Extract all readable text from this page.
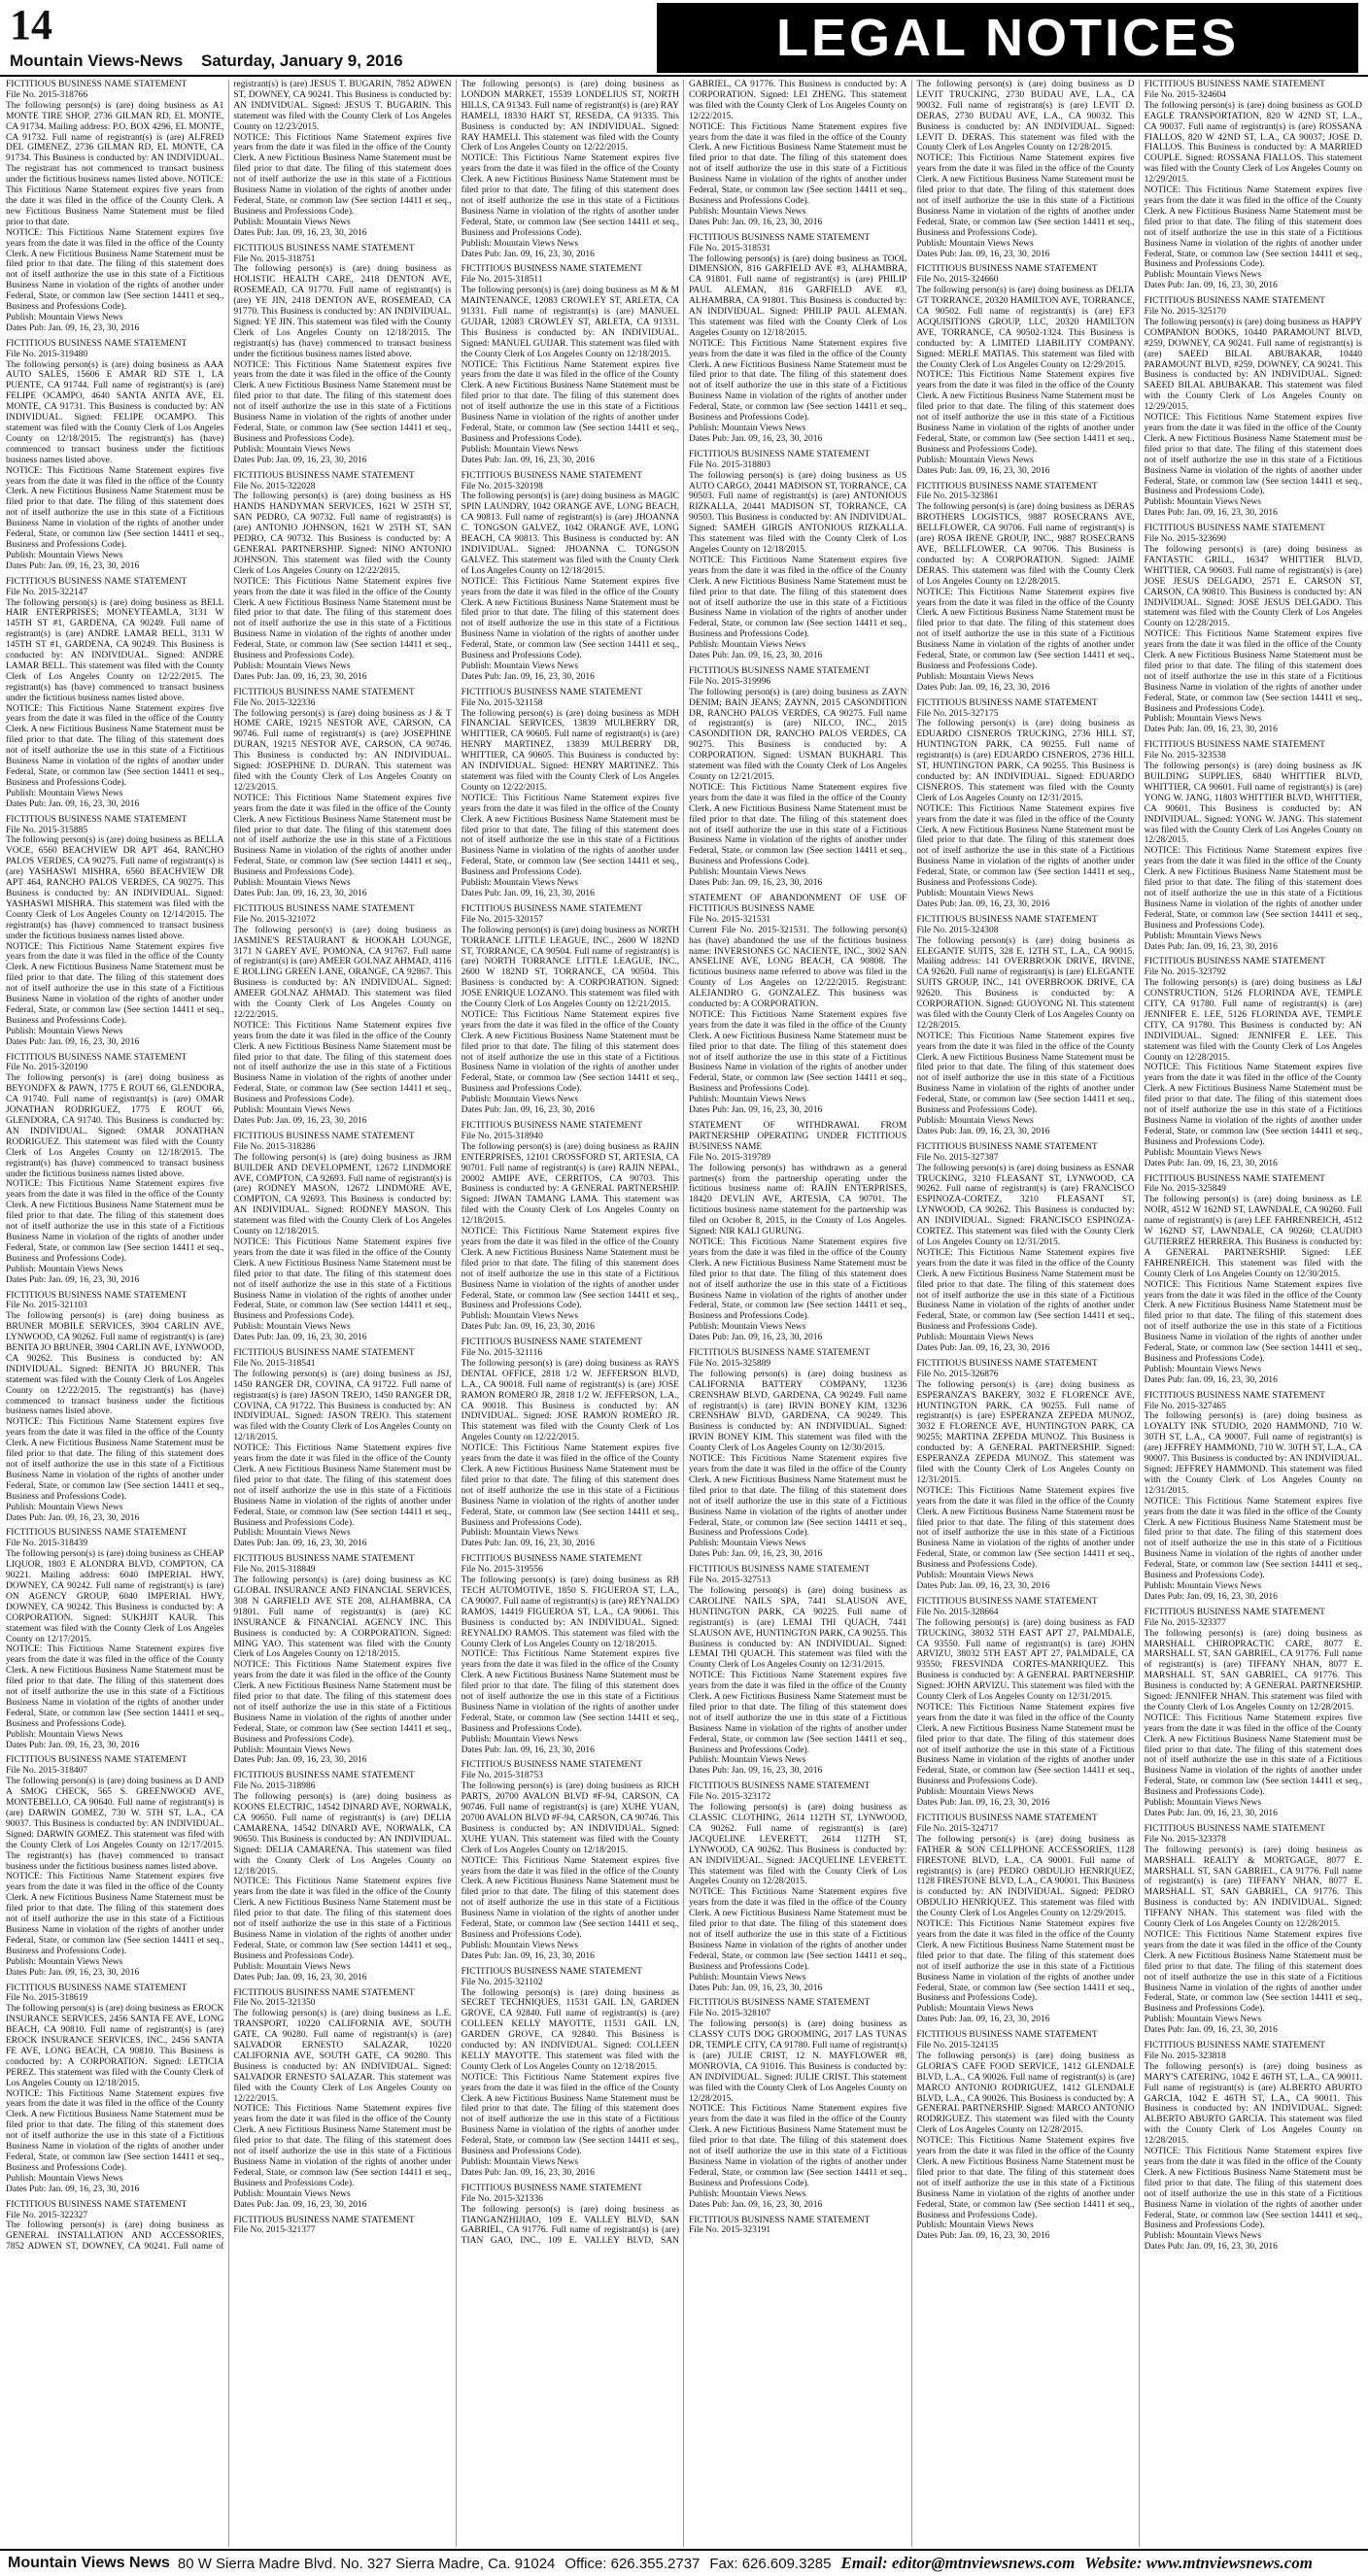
14
Mountain Views-News Saturday, January 9, 2016	LEGAL NOTICES
FICTITIOUS BUSINESS NAME STATEMENT
File No. 2015-318766
The following person(s) is (are) doing business as A1 MONTE TIRE SHOP, 2736 GILMAN RD, EL MONTE, CA 91734. Mailing address: P.O. BOX 4296, EL MONTE, CA 91732. Full name of registrant(s) is (are) ALFRED DEL GIMENEZ, 2736 GILMAN RD, EL MONTE, CA 91734. This Business is conducted by: AN INDIVIDUAL. The registrant has not commenced to transact business under the fictitious business names listed above. NOTICE: This Fictitious Name Statement expires five years from the date it was filed in the office of the County Clerk. A new Fictitious Business Name Statement must be filed prior to that date.
NOTICE: This Fictitious Name Statement expires five years from the date it was filed in the office of the County Clerk. A new Fictitious Business Name Statement must be filed prior to that date. The filing of this statement does not of itself authorize the use in this state of a Fictitious Business Name in violation of the rights of another under Federal, State, or common law (See section 14411 et seq., Business and Professions Code).
Publish: Mountain Views News
Dates Pub: Jan. 09, 16, 23, 30, 2016
FICTITIOUS BUSINESS NAME STATEMENT
File No. 2015-319480
The following person(s) is (are) doing business as AAA AUTO SALES, 15606 E AMAR RD STE 1, LA PUENTE, CA 91744. Full name of registrant(s) is (are) FELIPE OCAMPO, 4640 SANTA ANITA AVE, EL MONTE, CA 91731. This Business is conducted by: AN INDIVIDUAL. Signed: FELIPE OCAMPO. This statement was filed with the County Clerk of Los Angeles County on 12/18/2015. The registrant(s) has (have) commenced to transact business under the fictitious business names listed above.
NOTICE: This Fictitious Name Statement expires five years from the date it was filed in the office of the County Clerk. A new Fictitious Business Name Statement must be filed prior to that date. The filing of this statement does not of itself authorize the use in this state of a Fictitious Business Name in violation of the rights of another under Federal, State, or common law (See section 14411 et seq., Business and Professions Code).
Publish: Mountain Views News
Dates Pub: Jan. 09, 16, 23, 30, 2016
FICTITIOUS BUSINESS NAME STATEMENT
File No. 2015-322147
The following person(s) is (are) doing business as BELL HAIR ENTERPRISES; MONEYTEAMLA, 3131 W 145TH ST #1, GARDENA, CA 90249. Full name of registrant(s) is (are) ANDRE LAMAR BELL, 3131 W 145TH ST #1, GARDENA, CA 90249. This Business is conducted by: AN INDIVIDUAL. Signed: ANDRE LAMAR BELL. This statement was filed with the County Clerk of Los Angeles County on 12/22/2015. The registrant(s) has (have) commenced to transact business under the fictitious business names listed above.
NOTICE: This Fictitious Name Statement expires five years from the date it was filed in the office of the County Clerk. A new Fictitious Business Name Statement must be filed prior to that date. The filing of this statement does not of itself authorize the use in this state of a Fictitious Business Name in violation of the rights of another under Federal, State, or common law (See section 14411 et seq., Business and Professions Code).
Publish: Mountain Views News
Dates Pub: Jan. 09, 16, 23, 30, 2016
FICTITIOUS BUSINESS NAME STATEMENT
File No. 2015-315885
The following person(s) is (are) doing business as BELLA VOCE, 6560 BEACHVIEW DR APT 464, RANCHO PALOS VERDES, CA 90275. Full name of registrant(s) is (are) YASHASWI MISHRA, 6560 BEACHVIEW DR APT 464, RANCHO PALOS VERDES, CA 90275. This Business is conducted by: AN INDIVIDUAL. Signed: YASHASWI MISHRA. This statement was filed with the County Clerk of Los Angeles County on 12/14/2015. The registrant(s) has (have) commenced to transact business under the fictitious business names listed above.
NOTICE: This Fictitious Name Statement expires five years from the date it was filed in the office of the County Clerk. A new Fictitious Business Name Statement must be filed prior to that date. The filing of this statement does not of itself authorize the use in this state of a Fictitious Business Name in violation of the rights of another under Federal, State, or common law (See section 14411 et seq., Business and Professions Code).
Publish: Mountain Views News
Dates Pub: Jan. 09, 16, 23, 30, 2016
FICTITIOUS BUSINESS NAME STATEMENT
File No. 2015-320190
The following person(s) is (are) doing business as BEYONDFX & PAWN, 1775 E ROUT 66, GLENDORA, CA 91740. Full name of registrant(s) is (are) OMAR JONATHAN RODRIGUEZ, 1775 E ROUT 66, GLENDORA, CA 91740. This Business is conducted by: AN INDIVIDUAL. Signed: OMAR JONATHAN RODRIGUEZ. This statement was filed with the County Clerk of Los Angeles County on 12/18/2015. The registrant(s) has (have) commenced to transact business under the fictitious business names listed above.
NOTICE: This Fictitious Name Statement expires five years from the date it was filed in the office of the County Clerk. A new Fictitious Business Name Statement must be filed prior to that date. The filing of this statement does not of itself authorize the use in this state of a Fictitious Business Name in violation of the rights of another under Federal, State, or common law (See section 14411 et seq., Business and Professions Code).
Publish: Mountain Views News
Dates Pub: Jan. 09, 16, 23, 30, 2016
FICTITIOUS BUSINESS NAME STATEMENT
File No. 2015-321103
The following person(s) is (are) doing business as BRUNER MOBILE SERVICES, 3904 CARLIN AVE, LYNWOOD, CA 90262. Full name of registrant(s) is (are) BENITA JO BRUNER, 3904 CARLIN AVE, LYNWOOD, CA 90262. This Business is conducted by: AN INDIVIDUAL. Signed: BENITA JO BRUNER. This statement was filed with the County Clerk of Los Angeles County on 12/22/2015. The registrant(s) has (have) commenced to transact business under the fictitious business names listed above.
NOTICE: This Fictitious Name Statement expires five years from the date it was filed in the office of the County Clerk. A new Fictitious Business Name Statement must be filed prior to that date. The filing of this statement does not of itself authorize the use in this state of a Fictitious Business Name in violation of the rights of another under Federal, State, or common law (See section 14411 et seq., Business and Professions Code).
Publish: Mountain Views News
Dates Pub: Jan. 09, 16, 23, 30, 2016
FICTITIOUS BUSINESS NAME STATEMENT
File No. 2015-318439
The following person(s) is (are) doing business as CHEAP LIQUOR, 1803 E ALONDRA BLVD, COMPTON, CA 90221. Mailing address: 6040 IMPERIAL HWY, DOWNEY, CA 90242. Full name of registrant(s) is (are) ON AGENCY GROUP, 6040 IMPERIAL HWY, DOWNEY, CA 90242. This Business is conducted by: A CORPORATION. Signed: SUKHJIT KAUR. This statement was filed with the County Clerk of Los Angeles County on 12/17/2015.
NOTICE: This Fictitious Name Statement expires five years from the date it was filed in the office of the County Clerk. A new Fictitious Business Name Statement must be filed prior to that date. The filing of this statement does not of itself authorize the use in this state of a Fictitious Business Name in violation of the rights of another under Federal, State, or common law (See section 14411 et seq., Business and Professions Code).
Publish: Mountain Views News
Dates Pub: Jan. 09, 16, 23, 30, 2016
FICTITIOUS BUSINESS NAME STATEMENT
File No. 2015-318407
The following person(s) is (are) doing business as D AND A SMOG CHECK, 565 S. GREENWOOD AVE, MONTEBELLO, CA 90640. Full name of registrant(s) is (are) DARWIN GOMEZ, 730 W. 5TH ST, L.A., CA 90037. This Business is conducted by: AN INDIVIDUAL. Signed: DARWIN GOMEZ. This statement was filed with the County Clerk of Los Angeles County on 12/17/2015. The registrant(s) has (have) commenced to transact business under the fictitious business names listed above.
NOTICE: This Fictitious Name Statement expires five years from the date it was filed in the office of the County Clerk. A new Fictitious Business Name Statement must be filed prior to that date. The filing of this statement does not of itself authorize the use in this state of a Fictitious Business Name in violation of the rights of another under Federal, State, or common law (See section 14411 et seq., Business and Professions Code).
Publish: Mountain Views News
Dates Pub: Jan. 09, 16, 23, 30, 2016
FICTITIOUS BUSINESS NAME STATEMENT
File No. 2015-318619
The following person(s) is (are) doing business as EROCK INSURANCE SERVICES, 2456 SANTA FE AVE, LONG BEACH, CA 90810. Full name of registrant(s) is (are) EROCK INSURANCE SERVICES, INC., 2456 SANTA FE AVE, LONG BEACH, CA 90810. This Business is conducted by: A CORPORATION. Signed: LETICIA PEREZ. This statement was filed with the County Clerk of Los Angeles County on 12/18/2015.
NOTICE: This Fictitious Name Statement expires five years from the date it was filed in the office of the County Clerk. A new Fictitious Business Name Statement must be filed prior to that date. The filing of this statement does not of itself authorize the use in this state of a Fictitious Business Name in violation of the rights of another under Federal, State, or common law (See section 14411 et seq., Business and Professions Code).
Publish: Mountain Views News
Dates Pub: Jan. 09, 16, 23, 30, 2016
FICTITIOUS BUSINESS NAME STATEMENT
File No. 2015-322327
The following person(s) is (are) doing business as GENERAL INSTALLATION AND ACCESSORIES, 7852 ADWEN ST, DOWNEY, CA 90241. Full name of registrant(s) is (are) JESUS T. BUGARIN, 7852 ADWEN ST, DOWNEY, CA 90241. This Business is conducted by: AN INDIVIDUAL. Signed: JESUS T. BUGARIN. This statement was filed with the County Clerk of Los Angeles County on 12/23/2015.
NOTICE: This Fictitious Name Statement expires five years from the date it was filed in the office of the County Clerk. A new Fictitious Business Name Statement must be filed prior to that date. The filing of this statement does not of itself authorize the use in this state of a Fictitious Business Name in violation of the rights of another under Federal, State, or common law (See section 14411 et seq., Business and Professions Code).
Publish: Mountain Views News
Dates Pub: Jan. 09, 16, 23, 30, 2016
FICTITIOUS BUSINESS NAME STATEMENT
File No. 2015-318751
The following person(s) is (are) doing business as HOLISTIC HEALTH CARE, 2418 DENTON AVE, ROSEMEAD, CA 91770. Full name of registrant(s) is (are) YE JIN, 2418 DENTON AVE, ROSEMEAD, CA 91770. This Business is conducted by: AN INDIVIDUAL. Signed: YE JIN. This statement was filed with the County Clerk of Los Angeles County on 12/18/2015. The registrant(s) has (have) commenced to transact business under the fictitious business names listed above.
NOTICE: This Fictitious Name Statement expires five years from the date it was filed in the office of the County Clerk. A new Fictitious Business Name Statement must be filed prior to that date. The filing of this statement does not of itself authorize the use in this state of a Fictitious Business Name in violation of the rights of another under Federal, State, or common law (See section 14411 et seq., Business and Professions Code).
Publish: Mountain Views News
Dates Pub: Jan. 09, 16, 23, 30, 2016
FICTITIOUS BUSINESS NAME STATEMENT
File No. 2015-322028
The following person(s) is (are) doing business as HS HANDS HANDYMAN SERVICES, 1621 W 25TH ST, SAN PEDRO, CA 90732. Full name of registrant(s) is (are) ANTONIO JOHNSON, 1621 W 25TH ST, SAN PEDRO, CA 90732. This Business is conducted by: A GENERAL PARTNERSHIP. Signed: NINO ANTONIO JOHNSON. This statement was filed with the County Clerk of Los Angeles County on 12/22/2015.
NOTICE: This Fictitious Name Statement expires five years from the date it was filed in the office of the County Clerk. A new Fictitious Business Name Statement must be filed prior to that date. The filing of this statement does not of itself authorize the use in this state of a Fictitious Business Name in violation of the rights of another under Federal, State, or common law (See section 14411 et seq., Business and Professions Code).
Publish: Mountain Views News
Dates Pub: Jan. 09, 16, 23, 30, 2016
FICTITIOUS BUSINESS NAME STATEMENT
File No. 2015-322336
The following person(s) is (are) doing business as J & T HOME CARE, 19215 NESTOR AVE, CARSON, CA 90746. Full name of registrant(s) is (are) JOSEPHINE DURAN, 19215 NESTOR AVE, CARSON, CA 90746. This Business is conducted by: AN INDIVIDUAL. Signed: JOSEPHINE D. DURAN. This statement was filed with the County Clerk of Los Angeles County on 12/23/2015.
NOTICE: This Fictitious Name Statement expires five years from the date it was filed in the office of the County Clerk. A new Fictitious Business Name Statement must be filed prior to that date. The filing of this statement does not of itself authorize the use in this state of a Fictitious Business Name in violation of the rights of another under Federal, State, or common law (See section 14411 et seq., Business and Professions Code).
Publish: Mountain Views News
Dates Pub: Jan. 09, 16, 23, 30, 2016
FICTITIOUS BUSINESS NAME STATEMENT
File No. 2015-321072
The following person(s) is (are) doing business as JASMINE'S RESTAURANT & HOOKAH LOUNGE, 3171 N GAREY AVE, POMONA, CA 91767. Full name of registrant(s) is (are) AMEER GOLNAZ AHMAD, 4116 E ROLLING GREEN LANE, ORANGE, CA 92867. This Business is conducted by: AN INDIVIDUAL. Signed: AMEER GOLNAZ AHMAD. This statement was filed with the County Clerk of Los Angeles County on 12/22/2015.
NOTICE: This Fictitious Name Statement expires five years from the date it was filed in the office of the County Clerk. A new Fictitious Business Name Statement must be filed prior to that date. The filing of this statement does not of itself authorize the use in this state of a Fictitious Business Name in violation of the rights of another under Federal, State, or common law (See section 14411 et seq., Business and Professions Code).
Publish: Mountain Views News
Dates Pub: Jan. 09, 16, 23, 30, 2016
FICTITIOUS BUSINESS NAME STATEMENT
File No. 2015-318286
The following person(s) is (are) doing business as JRM BUILDER AND DEVELOPMENT, 12672 LINDMORE AVE, COMPTON, CA 92693. Full name of registrant(s) is (are) RODNEY MASON, 12672 LINDMORE AVE, COMPTON, CA 92693. This Business is conducted by: AN INDIVIDUAL. Signed: RODNEY MASON. This statement was filed with the County Clerk of Los Angeles County on 12/18/2015.
NOTICE: This Fictitious Name Statement expires five years from the date it was filed in the office of the County Clerk. A new Fictitious Business Name Statement must be filed prior to that date. The filing of this statement does not of itself authorize the use in this state of a Fictitious Business Name in violation of the rights of another under Federal, State, or common law (See section 14411 et seq., Business and Professions Code).
Publish: Mountain Views News
Dates Pub: Jan. 09, 16, 23, 30, 2016
FICTITIOUS BUSINESS NAME STATEMENT
File No. 2015-318541
The following person(s) is (are) doing business as JSJ, 1450 RANGER DR, COVINA, CA 91722. Full name of registrant(s) is (are) JASON TREJO, 1450 RANGER DR, COVINA, CA 91722. This Business is conducted by: AN INDIVIDUAL. Signed: JASON TREJO. This statement was filed with the County Clerk of Los Angeles County on 12/18/2015.
NOTICE: This Fictitious Name Statement expires five years from the date it was filed in the office of the County Clerk. A new Fictitious Business Name Statement must be filed prior to that date. The filing of this statement does not of itself authorize the use in this state of a Fictitious Business Name in violation of the rights of another under Federal, State, or common law (See section 14411 et seq., Business and Professions Code).
Publish: Mountain Views News
Dates Pub: Jan. 09, 16, 23, 30, 2016
FICTITIOUS BUSINESS NAME STATEMENT
File No. 2015-318849
The following person(s) is (are) doing business as KC GLOBAL INSURANCE AND FINANCIAL SERVICES, 308 N GARFIELD AVE STE 208, ALHAMBRA, CA 91801. Full name of registrant(s) is (are) KC INSURANCE & FINANCIAL AGENCY INC. This Business is conducted by: A CORPORATION. Signed: MING YAO. This statement was filed with the County Clerk of Los Angeles County on 12/18/2015.
NOTICE: This Fictitious Name Statement expires five years from the date it was filed in the office of the County Clerk. A new Fictitious Business Name Statement must be filed prior to that date. The filing of this statement does not of itself authorize the use in this state of a Fictitious Business Name in violation of the rights of another under Federal, State, or common law (See section 14411 et seq., Business and Professions Code).
Publish: Mountain Views News
Dates Pub: Jan. 09, 16, 23, 30, 2016
FICTITIOUS BUSINESS NAME STATEMENT
File No. 2015-318986
The following person(s) is (are) doing business as KOONS ELECTRIC, 14542 DINARD AVE, NORWALK, CA 90650. Full name of registrant(s) is (are) DELIA CAMARENA, 14542 DINARD AVE, NORWALK, CA 90650. This Business is conducted by: AN INDIVIDUAL. Signed: DELIA CAMARENA. This statement was filed with the County Clerk of Los Angeles County on 12/18/2015.
NOTICE: This Fictitious Name Statement expires five years from the date it was filed in the office of the County Clerk. A new Fictitious Business Name Statement must be filed prior to that date. The filing of this statement does not of itself authorize the use in this state of a Fictitious Business Name in violation of the rights of another under Federal, State, or common law (See section 14411 et seq., Business and Professions Code).
Publish: Mountain Views News
Dates Pub: Jan. 09, 16, 23, 30, 2016
FICTITIOUS BUSINESS NAME STATEMENT
File No. 2015-321350
The following person(s) is (are) doing business as L.E. TRANSPORT, 10220 CALIFORNIA AVE, SOUTH GATE, CA 90280. Full name of registrant(s) is (are) SALVADOR ERNESTO SALAZAR, 10220 CALIFORNIA AVE, SOUTH GATE, CA 90280. This Business is conducted by: AN INDIVIDUAL. Signed: SALVADOR ERNESTO SALAZAR. This statement was filed with the County Clerk of Los Angeles County on 12/22/2015.
NOTICE: This Fictitious Name Statement expires five years from the date it was filed in the office of the County Clerk. A new Fictitious Business Name Statement must be filed prior to that date. The filing of this statement does not of itself authorize the use in this state of a Fictitious Business Name in violation of the rights of another under Federal, State, or common law (See section 14411 et seq., Business and Professions Code).
Publish: Mountain Views News
Dates Pub: Jan. 09, 16, 23, 30, 2016
FICTITIOUS BUSINESS NAME STATEMENT
File No. 2015-321377
The following person(s) is (are) doing business as LONDON MARKET, 15539 LONDELIUS ST, NORTH HILLS, CA 91343. Full name of registrant(s) is (are) RAY HAMELI, 18330 HART ST, RESEDA, CA 91335. This Business is conducted by: AN INDIVIDUAL. Signed: RAY HAMELI. This statement was filed with the County Clerk of Los Angeles County on 12/22/2015.
NOTICE: This Fictitious Name Statement expires five years from the date it was filed in the office of the County Clerk. A new Fictitious Business Name Statement must be filed prior to that date. The filing of this statement does not of itself authorize the use in this state of a Fictitious Business Name in violation of the rights of another under Federal, State, or common law (See section 14411 et seq., Business and Professions Code).
Publish: Mountain Views News
Dates Pub: Jan. 09, 16, 23, 30, 2016
FICTITIOUS BUSINESS NAME STATEMENT
File No. 2015-318511
The following person(s) is (are) doing business as M & M MAINTENANCE, 12083 CROWLEY ST, ARLETA, CA 91331. Full name of registrant(s) is (are) MANUEL GUIJAR, 12083 CROWLEY ST, ARLETA, CA 91331. This Business is conducted by: AN INDIVIDUAL. Signed: MANUEL GUIJAR. This statement was filed with the County Clerk of Los Angeles County on 12/18/2015.
NOTICE: This Fictitious Name Statement expires five years from the date it was filed in the office of the County Clerk. A new Fictitious Business Name Statement must be filed prior to that date. The filing of this statement does not of itself authorize the use in this state of a Fictitious Business Name in violation of the rights of another under Federal, State, or common law (See section 14411 et seq., Business and Professions Code).
Publish: Mountain Views News
Dates Pub: Jan. 09, 16, 23, 30, 2016
FICTITIOUS BUSINESS NAME STATEMENT
File No. 2015-320198
The following person(s) is (are) doing business as MAGIC SPIN LAUNDRY, 1042 ORANGE AVE, LONG BEACH, CA 90813. Full name of registrant(s) is (are) JHOANNA C. TONGSON GALVEZ, 1042 ORANGE AVE, LONG BEACH, CA 90813. This Business is conducted by: AN INDIVIDUAL. Signed: JHOANNA C. TONGSON GALVEZ. This statement was filed with the County Clerk of Los Angeles County on 12/18/2015.
NOTICE: This Fictitious Name Statement expires five years from the date it was filed in the office of the County Clerk. A new Fictitious Business Name Statement must be filed prior to that date. The filing of this statement does not of itself authorize the use in this state of a Fictitious Business Name in violation of the rights of another under Federal, State, or common law (See section 14411 et seq., Business and Professions Code).
Publish: Mountain Views News
Dates Pub: Jan. 09, 16, 23, 30, 2016
FICTITIOUS BUSINESS NAME STATEMENT
File No. 2015-321158
The following person(s) is (are) doing business as MDH FINANCIAL SERVICES, 13839 MULBERRY DR, WHITTIER, CA 90605. Full name of registrant(s) is (are) HENRY MARTINEZ, 13839 MULBERRY DR, WHITTIER, CA 90605. This Business is conducted by: AN INDIVIDUAL. Signed: HENRY MARTINEZ. This statement was filed with the County Clerk of Los Angeles County on 12/22/2015.
NOTICE: This Fictitious Name Statement expires five years from the date it was filed in the office of the County Clerk. A new Fictitious Business Name Statement must be filed prior to that date. The filing of this statement does not of itself authorize the use in this state of a Fictitious Business Name in violation of the rights of another under Federal, State, or common law (See section 14411 et seq., Business and Professions Code).
Publish: Mountain Views News
Dates Pub: Jan. 09, 16, 23, 30, 2016
FICTITIOUS BUSINESS NAME STATEMENT
File No. 2015-320157
The following person(s) is (are) doing business as NORTH TORRANCE LITTLE LEAGUE, INC., 2600 W 182ND ST, TORRANCE, CA 90504. Full name of registrant(s) is (are) NORTH TORRANCE LITTLE LEAGUE, INC., 2600 W 182ND ST, TORRANCE, CA 90504. This Business is conducted by: A CORPORATION. Signed: JOSE ENRIQUE LOZANO. This statement was filed with the County Clerk of Los Angeles County on 12/21/2015.
NOTICE: This Fictitious Name Statement expires five years from the date it was filed in the office of the County Clerk. A new Fictitious Business Name Statement must be filed prior to that date. The filing of this statement does not of itself authorize the use in this state of a Fictitious Business Name in violation of the rights of another under Federal, State, or common law (See section 14411 et seq., Business and Professions Code).
Publish: Mountain Views News
Dates Pub: Jan. 09, 16, 23, 30, 2016
FICTITIOUS BUSINESS NAME STATEMENT
File No. 2015-318940
The following person(s) is (are) doing business as RAJIN ENTERPRISES, 12101 CROSSFORD ST, ARTESIA, CA 90701. Full name of registrant(s) is (are) RAJIN NEPAL, 20002 AMIPE AVE, CERRITOS, CA 90703. This Business is conducted by: A GENERAL PARTNERSHIP. Signed: JIWAN TAMANG LAMA. This statement was filed with the County Clerk of Los Angeles County on 12/18/2015.
NOTICE: This Fictitious Name Statement expires five years from the date it was filed in the office of the County Clerk. A new Fictitious Business Name Statement must be filed prior to that date. The filing of this statement does not of itself authorize the use in this state of a Fictitious Business Name in violation of the rights of another under Federal, State, or common law (See section 14411 et seq., Business and Professions Code).
Publish: Mountain Views News
Dates Pub: Jan. 09, 16, 23, 30, 2016
FICTITIOUS BUSINESS NAME STATEMENT
File No. 2015-321116
The following person(s) is (are) doing business as RAYS DENTAL OFFICE, 2818 1/2 W. JEFFERSON BLVD, L.A., CA 90018. Full name of registrant(s) is (are) JOSE RAMON ROMERO JR, 2818 1/2 W. JEFFERSON, L.A., CA 90018. This Business is conducted by: AN INDIVIDUAL. Signed: JOSE RAMON ROMERO JR. This statement was filed with the County Clerk of Los Angeles County on 12/22/2015.
NOTICE: This Fictitious Name Statement expires five years from the date it was filed in the office of the County Clerk. A new Fictitious Business Name Statement must be filed prior to that date. The filing of this statement does not of itself authorize the use in this state of a Fictitious Business Name in violation of the rights of another under Federal, State, or common law (See section 14411 et seq., Business and Professions Code).
Publish: Mountain Views News
Dates Pub: Jan. 09, 16, 23, 30, 2016
FICTITIOUS BUSINESS NAME STATEMENT
File No. 2015-319556
The following person(s) is (are) doing business as RB TECH AUTOMOTIVE, 1850 S. FIGUEROA ST, L.A., CA 90007. Full name of registrant(s) is (are) REYNALDO RAMOS, 14419 FIGUEROA ST, L.A., CA 90061. This Business is conducted by: AN INDIVIDUAL. Signed: REYNALDO RAMOS. This statement was filed with the County Clerk of Los Angeles County on 12/18/2015.
NOTICE: This Fictitious Name Statement expires five years from the date it was filed in the office of the County Clerk. A new Fictitious Business Name Statement must be filed prior to that date. The filing of this statement does not of itself authorize the use in this state of a Fictitious Business Name in violation of the rights of another under Federal, State, or common law (See section 14411 et seq., Business and Professions Code).
Publish: Mountain Views News
Dates Pub: Jan. 09, 16, 23, 30, 2016
FICTITIOUS BUSINESS NAME STATEMENT
File No. 2015-318753
The following person(s) is (are) doing business as RICH PARTS, 20700 AVALON BLVD #F-94, CARSON, CA 90746. Full name of registrant(s) is (are) XUHE YUAN, 20700 AVALON BLVD #F-94, CARSON, CA 90746. This Business is conducted by: AN INDIVIDUAL. Signed: XUHE YUAN. This statement was filed with the County Clerk of Los Angeles County on 12/18/2015.
NOTICE: This Fictitious Name Statement expires five years from the date it was filed in the office of the County Clerk. A new Fictitious Business Name Statement must be filed prior to that date. The filing of this statement does not of itself authorize the use in this state of a Fictitious Business Name in violation of the rights of another under Federal, State, or common law (See section 14411 et seq., Business and Professions Code).
Publish: Mountain Views News
Dates Pub: Jan. 09, 16, 23, 30, 2016
FICTITIOUS BUSINESS NAME STATEMENT
File No. 2015-321102
The following person(s) is (are) doing business as SECRET TECHNIQUES, 11531 GAIL LN, GARDEN GROVE, CA 92840. Full name of registrant(s) is (are) COLLEEN KELLY MAYOTTE, 11531 GAIL LN, GARDEN GROVE, CA 92840. This Business is conducted by: AN INDIVIDUAL. Signed: COLLEEN KELLY MAYOTTE. This statement was filed with the County Clerk of Los Angeles County on 12/18/2015.
NOTICE: This Fictitious Name Statement expires five years from the date it was filed in the office of the County Clerk. A new Fictitious Business Name Statement must be filed prior to that date. The filing of this statement does not of itself authorize the use in this state of a Fictitious Business Name in violation of the rights of another under Federal, State, or common law (See section 14411 et seq., Business and Professions Code).
Publish: Mountain Views News
Dates Pub: Jan. 09, 16, 23, 30, 2016
FICTITIOUS BUSINESS NAME STATEMENT
File No. 2015-321336
The following person(s) is (are) doing business as TIANGANZHIJIAO, 109 E. VALLEY BLVD, SAN GABRIEL, CA 91776. Full name of registrant(s) is (are) TIAN GAO, INC., 109 E. VALLEY BLVD, SAN GABRIEL, CA 91776. This Business is conducted by: A CORPORATION. Signed: LEI ZHENG. This statement was filed with the County Clerk of Los Angeles County on 12/22/2015.
NOTICE: This Fictitious Name Statement expires five years from the date it was filed in the office of the County Clerk. A new Fictitious Business Name Statement must be filed prior to that date. The filing of this statement does not of itself authorize the use in this state of a Fictitious Business Name in violation of the rights of another under Federal, State, or common law (See section 14411 et seq., Business and Professions Code).
Publish: Mountain Views News
Dates Pub: Jan. 09, 16, 23, 30, 2016
FICTITIOUS BUSINESS NAME STATEMENT
File No. 2015-318531
The following person(s) is (are) doing business as TOOL DIMENSION, 816 GARFIELD AVE #3, ALHAMBRA, CA 91801. Full name of registrant(s) is (are) PHILIP PAUL ALEMAN, 816 GARFIELD AVE #3, ALHAMBRA, CA 91801. This Business is conducted by: AN INDIVIDUAL. Signed: PHILIP PAUL ALEMAN. This statement was filed with the County Clerk of Los Angeles County on 12/18/2015.
NOTICE: This Fictitious Name Statement expires five years from the date it was filed in the office of the County Clerk. A new Fictitious Business Name Statement must be filed prior to that date. The filing of this statement does not of itself authorize the use in this state of a Fictitious Business Name in violation of the rights of another under Federal, State, or common law (See section 14411 et seq., Business and Professions Code).
Publish: Mountain Views News
Dates Pub: Jan. 09, 16, 23, 30, 2016
FICTITIOUS BUSINESS NAME STATEMENT
File No. 2015-318803
The following person(s) is (are) doing business as US AUTO CARGO, 20441 MADISON ST, TORRANCE, CA 90503. Full name of registrant(s) is (are) ANTONIOUS RIZKALLA, 20441 MADISON ST, TORRANCE, CA 90503. This Business is conducted by: AN INDIVIDUAL. Signed: SAMEH GIRGIS ANTONIOUS RIZKALLA. This statement was filed with the County Clerk of Los Angeles County on 12/18/2015.
NOTICE: This Fictitious Name Statement expires five years from the date it was filed in the office of the County Clerk. A new Fictitious Business Name Statement must be filed prior to that date. The filing of this statement does not of itself authorize the use in this state of a Fictitious Business Name in violation of the rights of another under Federal, State, or common law (See section 14411 et seq., Business and Professions Code).
Publish: Mountain Views News
Dates Pub: Jan. 09, 16, 23, 30, 2016
FICTITIOUS BUSINESS NAME STATEMENT
File No. 2015-319996
The following person(s) is (are) doing business as ZAYN DENIM; BAIN JEANS; ZAYNN, 2015 CASONDITION DR, RANCHO PALOS VERDES, CA 90275. Full name of registrant(s) is (are) NILCO, INC., 2015 CASONDITION DR, RANCHO PALOS VERDES, CA 90275. This Business is conducted by: A CORPORATION. Signed: USMAN BUKHARI. This statement was filed with the County Clerk of Los Angeles County on 12/21/2015.
NOTICE: This Fictitious Name Statement expires five years from the date it was filed in the office of the County Clerk. A new Fictitious Business Name Statement must be filed prior to that date. The filing of this statement does not of itself authorize the use in this state of a Fictitious Business Name in violation of the rights of another under Federal, State, or common law (See section 14411 et seq., Business and Professions Code).
Publish: Mountain Views News
Dates Pub: Jan. 09, 16, 23, 30, 2016
STATEMENT OF ABANDONMENT OF USE OF FICTITIOUS BUSINESS NAME
File No. 2015-321531
Current File No. 2015-321531. The following person(s) has (have) abandoned the use of the fictitious business name: INVERSIONES GC NACIENTE, INC., 3002 SAN ANSELINE AVE, LONG BEACH, CA 90808. The fictitious business name referred to above was filed in the County of Los Angeles on 12/22/2015. Registrant: ALEJANDRO G. GONZALEZ. This business was conducted by: A CORPORATION.
NOTICE: This Fictitious Name Statement expires five years from the date it was filed in the office of the County Clerk. A new Fictitious Business Name Statement must be filed prior to that date. The filing of this statement does not of itself authorize the use in this state of a Fictitious Business Name in violation of the rights of another under Federal, State, or common law (See section 14411 et seq., Business and Professions Code).
Publish: Mountain Views News
Dates Pub: Jan. 09, 16, 23, 30, 2016
STATEMENT OF WITHDRAWAL FROM PARTNERSHIP OPERATING UNDER FICTITIOUS BUSINESS NAME
File No. 2015-319789
The following person(s) has withdrawn as a general partner(s) from the partnership operating under the fictitious business name of: RAJIN ENTERPRISES, 18420 DEVLIN AVE, ARTESIA, CA 90701. The fictitious business name statement for the partnership was filed on October 8, 2015, in the County of Los Angeles. Signed: NIR KALI GURUNG.
NOTICE: This Fictitious Name Statement expires five years from the date it was filed in the office of the County Clerk. A new Fictitious Business Name Statement must be filed prior to that date. The filing of this statement does not of itself authorize the use in this state of a Fictitious Business Name in violation of the rights of another under Federal, State, or common law (See section 14411 et seq., Business and Professions Code).
Publish: Mountain Views News
Dates Pub: Jan. 09, 16, 23, 30, 2016
FICTITIOUS BUSINESS NAME STATEMENT
File No. 2015-325889
The following person(s) is (are) doing business as CALIFORNIA BATTERY COMPANY, 13236 CRENSHAW BLVD, GARDENA, CA 90249. Full name of registrant(s) is (are) IRVIN BONEY KIM, 13236 CRENSHAW BLVD, GARDENA, CA 90249. This Business is conducted by: AN INDIVIDUAL. Signed: IRVIN BONEY KIM. This statement was filed with the County Clerk of Los Angeles County on 12/30/2015.
NOTICE: This Fictitious Name Statement expires five years from the date it was filed in the office of the County Clerk. A new Fictitious Business Name Statement must be filed prior to that date. The filing of this statement does not of itself authorize the use in this state of a Fictitious Business Name in violation of the rights of another under Federal, State, or common law (See section 14411 et seq., Business and Professions Code).
Publish: Mountain Views News
Dates Pub: Jan. 09, 16, 23, 30, 2016
FICTITIOUS BUSINESS NAME STATEMENT
File No. 2015-327513
The following person(s) is (are) doing business as CAROLINE NAILS SPA, 7441 SLAUSON AVE, HUNTINGTON PARK, CA 90225. Full name of registrant(s) is (are) LEMAI THI QUACH, 7441 SLAUSON AVE, HUNTINGTON PARK, CA 90255. This Business is conducted by: AN INDIVIDUAL. Signed: LEMAI THI QUACH. This statement was filed with the County Clerk of Los Angeles County on 12/31/2015.
NOTICE: This Fictitious Name Statement expires five years from the date it was filed in the office of the County Clerk. A new Fictitious Business Name Statement must be filed prior to that date. The filing of this statement does not of itself authorize the use in this state of a Fictitious Business Name in violation of the rights of another under Federal, State, or common law (See section 14411 et seq., Business and Professions Code).
Publish: Mountain Views News
Dates Pub: Jan. 09, 16, 23, 30, 2016
FICTITIOUS BUSINESS NAME STATEMENT
File No. 2015-323172
The following person(s) is (are) doing business as CLASSIC CLOTHING, 2614 112TH ST, LYNWOOD, CA 90262. Full name of registrant(s) is (are) JACQUELINE LEVERETT, 2614 112TH ST, LYNWOOD, CA 90262. This Business is conducted by: AN INDIVIDUAL. Signed: JACQUELINE LEVERETT. This statement was filed with the County Clerk of Los Angeles County on 12/28/2015.
NOTICE: This Fictitious Name Statement expires five years from the date it was filed in the office of the County Clerk. A new Fictitious Business Name Statement must be filed prior to that date. The filing of this statement does not of itself authorize the use in this state of a Fictitious Business Name in violation of the rights of another under Federal, State, or common law (See section 14411 et seq., Business and Professions Code).
Publish: Mountain Views News
Dates Pub: Jan. 09, 16, 23, 30, 2016
FICTITIOUS BUSINESS NAME STATEMENT
File No. 2015-328107
The following person(s) is (are) doing business as CLASSY CUTS DOG GROOMING, 2017 LAS TUNAS DR, TEMPLE CITY, CA 91780. Full name of registrant(s) is (are) JULIE CRIST, 12 N. MAYFLOWER #8, MONROVIA, CA 91016. This Business is conducted by: AN INDIVIDUAL. Signed: JULIE CRIST. This statement was filed with the County Clerk of Los Angeles County on 12/28/2015.
NOTICE: This Fictitious Name Statement expires five years from the date it was filed in the office of the County Clerk. A new Fictitious Business Name Statement must be filed prior to that date. The filing of this statement does not of itself authorize the use in this state of a Fictitious Business Name in violation of the rights of another under Federal, State, or common law (See section 14411 et seq., Business and Professions Code).
Publish: Mountain Views News
Dates Pub: Jan. 09, 16, 23, 30, 2016
FICTITIOUS BUSINESS NAME STATEMENT
File No. 2015-323191
The following person(s) is (are) doing business as D LEVIT TRUCKING, 2730 BUDAU AVE, L.A., CA 90032. Full name of registrant(s) is (are) LEVIT D. DERAS, 2730 BUDAU AVE, L.A., CA 90032. This Business is conducted by: AN INDIVIDUAL. Signed: LEVIT D. DERAS. This statement was filed with the County Clerk of Los Angeles County on 12/28/2015.
NOTICE: This Fictitious Name Statement expires five years from the date it was filed in the office of the County Clerk. A new Fictitious Business Name Statement must be filed prior to that date. The filing of this statement does not of itself authorize the use in this state of a Fictitious Business Name in violation of the rights of another under Federal, State, or common law (See section 14411 et seq., Business and Professions Code).
Publish: Mountain Views News
Dates Pub: Jan. 09, 16, 23, 30, 2016
FICTITIOUS BUSINESS NAME STATEMENT
File No. 2015-324660
The following person(s) is (are) doing business as DELTA GT TORRANCE, 20320 HAMILTON AVE, TORRANCE, CA 90502. Full name of registrant(s) is (are) EF3 ACQUISITIONS GROUP, LLC, 20320 HAMILTON AVE, TORRANCE, CA 90502-1324. This Business is conducted by: A LIMITED LIABILITY COMPANY. Signed: MERLE MATIAS. This statement was filed with the County Clerk of Los Angeles County on 12/29/2015.
NOTICE: This Fictitious Name Statement expires five years from the date it was filed in the office of the County Clerk. A new Fictitious Business Name Statement must be filed prior to that date. The filing of this statement does not of itself authorize the use in this state of a Fictitious Business Name in violation of the rights of another under Federal, State, or common law (See section 14411 et seq., Business and Professions Code).
Publish: Mountain Views News
Dates Pub: Jan. 09, 16, 23, 30, 2016
FICTITIOUS BUSINESS NAME STATEMENT
File No. 2015-323861
The following person(s) is (are) doing business as DERAS BROTHERS LOGISTICS, 9887 ROSECRANS AVE, BELLFLOWER, CA 90706. Full name of registrant(s) is (are) ROSA IRENE GROUP, INC., 9887 ROSECRANS AVE, BELLFLOWER, CA 90706. This Business is conducted by: A CORPORATION. Signed: JAIME DERAS. This statement was filed with the County Clerk of Los Angeles County on 12/28/2015.
NOTICE: This Fictitious Name Statement expires five years from the date it was filed in the office of the County Clerk. A new Fictitious Business Name Statement must be filed prior to that date. The filing of this statement does not of itself authorize the use in this state of a Fictitious Business Name in violation of the rights of another under Federal, State, or common law (See section 14411 et seq., Business and Professions Code).
Publish: Mountain Views News
Dates Pub: Jan. 09, 16, 23, 30, 2016
FICTITIOUS BUSINESS NAME STATEMENT
File No. 2015-327175
The following person(s) is (are) doing business as EDUARDO CISNEROS TRUCKING, 2736 HILL ST, HUNTINGTON PARK, CA 90255. Full name of registrant(s) is (are) EDUARDO CISNEROS, 2736 HILL ST, HUNTINGTON PARK, CA 90255. This Business is conducted by: AN INDIVIDUAL. Signed: EDUARDO CISNEROS. This statement was filed with the County Clerk of Los Angeles County on 12/31/2015.
NOTICE: This Fictitious Name Statement expires five years from the date it was filed in the office of the County Clerk. A new Fictitious Business Name Statement must be filed prior to that date. The filing of this statement does not of itself authorize the use in this state of a Fictitious Business Name in violation of the rights of another under Federal, State, or common law (See section 14411 et seq., Business and Professions Code).
Publish: Mountain Views News
Dates Pub: Jan. 09, 16, 23, 30, 2016
FICTITIOUS BUSINESS NAME STATEMENT
File No. 2015-324308
The following person(s) is (are) doing business as ELEGANTE SUITS, 328 E. 12TH ST., L.A., CA 90015. Mailing address: 141 OVERBROOK DRIVE, IRVINE, CA 92620. Full name of registrant(s) is (are) ELEGANTE SUITS GROUP, INC., 141 OVERBROOK DRIVE, CA 92620. This Business is conducted by: A CORPORATION. Signed: GUOYONG NI. This statement was filed with the County Clerk of Los Angeles County on 12/28/2015.
NOTICE: This Fictitious Name Statement expires five years from the date it was filed in the office of the County Clerk. A new Fictitious Business Name Statement must be filed prior to that date. The filing of this statement does not of itself authorize the use in this state of a Fictitious Business Name in violation of the rights of another under Federal, State, or common law (See section 14411 et seq., Business and Professions Code).
Publish: Mountain Views News
Dates Pub: Jan. 09, 16, 23, 30, 2016
FICTITIOUS BUSINESS NAME STATEMENT
File No. 2015-327387
The following person(s) is (are) doing business as ESNAR TRUCKING, 3210 FLEASANT ST, LYNWOOD, CA 90262. Full name of registrant(s) is (are) FRANCISCO ESPINOZA-CORTEZ, 3210 FLEASANT ST, LYNWOOD, CA 90262. This Business is conducted by: AN INDIVIDUAL. Signed: FRANCISCO ESPINOZA-CORTEZ. This statement was filed with the County Clerk of Los Angeles County on 12/31/2015.
NOTICE: This Fictitious Name Statement expires five years from the date it was filed in the office of the County Clerk. A new Fictitious Business Name Statement must be filed prior to that date. The filing of this statement does not of itself authorize the use in this state of a Fictitious Business Name in violation of the rights of another under Federal, State, or common law (See section 14411 et seq., Business and Professions Code).
Publish: Mountain Views News
Dates Pub: Jan. 09, 16, 23, 30, 2016
FICTITIOUS BUSINESS NAME STATEMENT
File No. 2015-326876
The following person(s) is (are) doing business as ESPERANZA'S BAKERY, 3032 E FLORENCE AVE, HUNTINGTON PARK, CA 90255. Full name of registrant(s) is (are) ESPERANZA ZEPEDA MUNOZ, 3032 E FLORENCE AVE, HUNTINGTON PARK, CA 90255; MARTINA ZEPEDA MUNOZ. This Business is conducted by: A GENERAL PARTNERSHIP. Signed: ESPERANZA ZEPEDA MUNOZ. This statement was filed with the County Clerk of Los Angeles County on 12/31/2015.
NOTICE: This Fictitious Name Statement expires five years from the date it was filed in the office of the County Clerk. A new Fictitious Business Name Statement must be filed prior to that date. The filing of this statement does not of itself authorize the use in this state of a Fictitious Business Name in violation of the rights of another under Federal, State, or common law (See section 14411 et seq., Business and Professions Code).
Publish: Mountain Views News
Dates Pub: Jan. 09, 16, 23, 30, 2016
FICTITIOUS BUSINESS NAME STATEMENT
File No. 2015-328664
The following person(s) is (are) doing business as FAD TRUCKING, 38032 5TH EAST APT 27, PALMDALE, CA 93550. Full name of registrant(s) is (are) JOHN ARVIZU, 38032 5TH EAST APT 27, PALMDALE, CA 93550; FRESVINDA CORTES-MANRIQUEZ. This Business is conducted by: A GENERAL PARTNERSHIP. Signed: JOHN ARVIZU. This statement was filed with the County Clerk of Los Angeles County on 12/31/2015.
NOTICE: This Fictitious Name Statement expires five years from the date it was filed in the office of the County Clerk. A new Fictitious Business Name Statement must be filed prior to that date. The filing of this statement does not of itself authorize the use in this state of a Fictitious Business Name in violation of the rights of another under Federal, State, or common law (See section 14411 et seq., Business and Professions Code).
Publish: Mountain Views News
Dates Pub: Jan. 09, 16, 23, 30, 2016
FICTITIOUS BUSINESS NAME STATEMENT
File No. 2015-324717
The following person(s) is (are) doing business as FATHER & SON CELLPHONE ACCESSORIES, 1128 FIRESTONE BLVD, L.A., CA 90001. Full name of registrant(s) is (are) PEDRO OBDULIO HENRIQUEZ, 1128 FIRESTONE BLVD, L.A., CA 90001. This Business is conducted by: AN INDIVIDUAL. Signed: PEDRO OBDULIO HENRIQUEZ. This statement was filed with the County Clerk of Los Angeles County on 12/29/2015.
NOTICE: This Fictitious Name Statement expires five years from the date it was filed in the office of the County Clerk. A new Fictitious Business Name Statement must be filed prior to that date. The filing of this statement does not of itself authorize the use in this state of a Fictitious Business Name in violation of the rights of another under Federal, State, or common law (See section 14411 et seq., Business and Professions Code).
Publish: Mountain Views News
Dates Pub: Jan. 09, 16, 23, 30, 2016
FICTITIOUS BUSINESS NAME STATEMENT
File No. 2015-324135
The following person(s) is (are) doing business as GLORIA'S CAFE FOOD SERVICE, 1412 GLENDALE BLVD, L.A., CA 90026. Full name of registrant(s) is (are) MARCO ANTONIO RODRIGUEZ, 1412 GLENDALE BLVD, L.A., CA 90026. This Business is conducted by: A GENERAL PARTNERSHIP. Signed: MARCO ANTONIO RODRIGUEZ. This statement was filed with the County Clerk of Los Angeles County on 12/28/2015.
NOTICE: This Fictitious Name Statement expires five years from the date it was filed in the office of the County Clerk. A new Fictitious Business Name Statement must be filed prior to that date. The filing of this statement does not of itself authorize the use in this state of a Fictitious Business Name in violation of the rights of another under Federal, State, or common law (See section 14411 et seq., Business and Professions Code).
Publish: Mountain Views News
Dates Pub: Jan. 09, 16, 23, 30, 2016
FICTITIOUS BUSINESS NAME STATEMENT
File No. 2015-324604
The following person(s) is (are) doing business as GOLD EAGLE TRANSPORTATION, 820 W 42ND ST, L.A., CA 90037. Full name of registrant(s) is (are) ROSSANA FIALLOS, 820 W 42ND ST, L.A., CA 90037; JOSE D. FIALLOS. This Business is conducted by: A MARRIED COUPLE. Signed: ROSSANA FIALLOS. This statement was filed with the County Clerk of Los Angeles County on 12/29/2015.
NOTICE: This Fictitious Name Statement expires five years from the date it was filed in the office of the County Clerk. A new Fictitious Business Name Statement must be filed prior to that date. The filing of this statement does not of itself authorize the use in this state of a Fictitious Business Name in violation of the rights of another under Federal, State, or common law (See section 14411 et seq., Business and Professions Code).
Publish: Mountain Views News
Dates Pub: Jan. 09, 16, 23, 30, 2016
FICTITIOUS BUSINESS NAME STATEMENT
File No. 2015-325170
The following person(s) is (are) doing business as HAPPY COMPANION BOOKS, 10440 PARAMOUNT BLVD, #259, DOWNEY, CA 90241. Full name of registrant(s) is (are) SAEED BILAL ABUBAKAR, 10440 PARAMOUNT BLVD, #259, DOWNEY, CA 90241. This Business is conducted by: AN INDIVIDUAL. Signed: SAEED BILAL ABUBAKAR. This statement was filed with the County Clerk of Los Angeles County on 12/29/2015.
NOTICE: This Fictitious Name Statement expires five years from the date it was filed in the office of the County Clerk. A new Fictitious Business Name Statement must be filed prior to that date. The filing of this statement does not of itself authorize the use in this state of a Fictitious Business Name in violation of the rights of another under Federal, State, or common law (See section 14411 et seq., Business and Professions Code).
Publish: Mountain Views News
Dates Pub: Jan. 09, 16, 23, 30, 2016
FICTITIOUS BUSINESS NAME STATEMENT
File No. 2015-323690
The following person(s) is (are) doing business as FANTASTIC GRILL, 16347 WHITTIER BLVD, WHITTIER, CA 90603. Full name of registrant(s) is (are) JOSE JESUS DELGADO, 2571 E. CARSON ST, CARSON, CA 90810. This Business is conducted by: AN INDIVIDUAL. Signed: JOSE JESUS DELGADO. This statement was filed with the County Clerk of Los Angeles County on 12/28/2015.
NOTICE: This Fictitious Name Statement expires five years from the date it was filed in the office of the County Clerk. A new Fictitious Business Name Statement must be filed prior to that date. The filing of this statement does not of itself authorize the use in this state of a Fictitious Business Name in violation of the rights of another under Federal, State, or common law (See section 14411 et seq., Business and Professions Code).
Publish: Mountain Views News
Dates Pub: Jan. 09, 16, 23, 30, 2016
FICTITIOUS BUSINESS NAME STATEMENT
File No. 2015-323538
The following person(s) is (are) doing business as JK BUILDING SUPPLIES, 6840 WHITTIER BLVD, WHITTIER, CA 90601. Full name of registrant(s) is (are) YONG W. JANG, 11803 WHITTIER BLVD, WHITTIER, CA 90601. This Business is conducted by: AN INDIVIDUAL. Signed: YONG W. JANG. This statement was filed with the County Clerk of Los Angeles County on 12/28/2015.
NOTICE: This Fictitious Name Statement expires five years from the date it was filed in the office of the County Clerk. A new Fictitious Business Name Statement must be filed prior to that date. The filing of this statement does not of itself authorize the use in this state of a Fictitious Business Name in violation of the rights of another under Federal, State, or common law (See section 14411 et seq., Business and Professions Code).
Publish: Mountain Views News
Dates Pub: Jan. 09, 16, 23, 30, 2016
FICTITIOUS BUSINESS NAME STATEMENT
File No. 2015-323792
The following person(s) is (are) doing business as L&J CONSTRUCTION, 5126 FLORINDA AVE, TEMPLE CITY, CA 91780. Full name of registrant(s) is (are) JENNIFER E. LEE, 5126 FLORINDA AVE, TEMPLE CITY, CA 91780. This Business is conducted by: AN INDIVIDUAL. Signed: JENNIFER E. LEE. This statement was filed with the County Clerk of Los Angeles County on 12/28/2015.
NOTICE: This Fictitious Name Statement expires five years from the date it was filed in the office of the County Clerk. A new Fictitious Business Name Statement must be filed prior to that date. The filing of this statement does not of itself authorize the use in this state of a Fictitious Business Name in violation of the rights of another under Federal, State, or common law (See section 14411 et seq., Business and Professions Code).
Publish: Mountain Views News
Dates Pub: Jan. 09, 16, 23, 30, 2016
FICTITIOUS BUSINESS NAME STATEMENT
File No. 2015-325849
The following person(s) is (are) doing business as LE NOIR, 4512 W 162ND ST, LAWNDALE, CA 90260. Full name of registrant(s) is (are) LEE FAHRENREICH, 4512 W 162ND ST, LAWNDALE, CA 90260; CLAUDIO GUTIERREZ HERRERA. This Business is conducted by: A GENERAL PARTNERSHIP. Signed: LEE FAHRENREICH. This statement was filed with the County Clerk of Los Angeles County on 12/30/2015.
NOTICE: This Fictitious Name Statement expires five years from the date it was filed in the office of the County Clerk. A new Fictitious Business Name Statement must be filed prior to that date. The filing of this statement does not of itself authorize the use in this state of a Fictitious Business Name in violation of the rights of another under Federal, State, or common law (See section 14411 et seq., Business and Professions Code).
Publish: Mountain Views News
Dates Pub: Jan. 09, 16, 23, 30, 2016
FICTITIOUS BUSINESS NAME STATEMENT
File No. 2015-327465
The following person(s) is (are) doing business as LOYALTY INK STUDIO, 2020 HAMMOND, 710 W. 30TH ST, L.A., CA 90007. Full name of registrant(s) is (are) JEFFREY HAMMOND, 710 W. 30TH ST, L.A., CA 90007. This Business is conducted by: AN INDIVIDUAL. Signed: JEFFREY HAMMOND. This statement was filed with the County Clerk of Los Angeles County on 12/31/2015.
NOTICE: This Fictitious Name Statement expires five years from the date it was filed in the office of the County Clerk. A new Fictitious Business Name Statement must be filed prior to that date. The filing of this statement does not of itself authorize the use in this state of a Fictitious Business Name in violation of the rights of another under Federal, State, or common law (See section 14411 et seq., Business and Professions Code).
Publish: Mountain Views News
Dates Pub: Jan. 09, 16, 23, 30, 2016
FICTITIOUS BUSINESS NAME STATEMENT
File No. 2015-323377
The following person(s) is (are) doing business as MARSHALL CHIROPRACTIC CARE, 8077 E. MARSHALL ST, SAN GABRIEL, CA 91776. Full name of registrant(s) is (are) TIFFANY NHAN, 8077 E. MARSHALL ST, SAN GABRIEL, CA 91776. This Business is conducted by: A GENERAL PARTNERSHIP. Signed: JENNIFER NHAN. This statement was filed with the County Clerk of Los Angeles County on 12/28/2015.
NOTICE: This Fictitious Name Statement expires five years from the date it was filed in the office of the County Clerk. A new Fictitious Business Name Statement must be filed prior to that date. The filing of this statement does not of itself authorize the use in this state of a Fictitious Business Name in violation of the rights of another under Federal, State, or common law (See section 14411 et seq., Business and Professions Code).
Publish: Mountain Views News
Dates Pub: Jan. 09, 16, 23, 30, 2016
FICTITIOUS BUSINESS NAME STATEMENT
File No. 2015-323378
The following person(s) is (are) doing business as MARSHALL REALTY & MORTGAGE, 8077 E. MARSHALL ST, SAN GABRIEL, CA 91776. Full name of registrant(s) is (are) TIFFANY NHAN, 8077 E. MARSHALL ST, SAN GABRIEL, CA 91776. This Business is conducted by: AN INDIVIDUAL. Signed: TIFFANY NHAN. This statement was filed with the County Clerk of Los Angeles County on 12/28/2015.
NOTICE: This Fictitious Name Statement expires five years from the date it was filed in the office of the County Clerk. A new Fictitious Business Name Statement must be filed prior to that date. The filing of this statement does not of itself authorize the use in this state of a Fictitious Business Name in violation of the rights of another under Federal, State, or common law (See section 14411 et seq., Business and Professions Code).
Publish: Mountain Views News
Dates Pub: Jan. 09, 16, 23, 30, 2016
FICTITIOUS BUSINESS NAME STATEMENT
File No. 2015-323818
The following person(s) is (are) doing business as MARY'S CATERING, 1042 E 46TH ST, L.A., CA 90011. Full name of registrant(s) is (are) ALBERTO ABURTO GARCIA, 1042 E 46TH ST, L.A., CA 90011. This Business is conducted by: AN INDIVIDUAL. Signed: ALBERTO ABURTO GARCIA. This statement was filed with the County Clerk of Los Angeles County on 12/28/2015.
NOTICE: This Fictitious Name Statement expires five years from the date it was filed in the office of the County Clerk. A new Fictitious Business Name Statement must be filed prior to that date. The filing of this statement does not of itself authorize the use in this state of a Fictitious Business Name in violation of the rights of another under Federal, State, or common law (See section 14411 et seq., Business and Professions Code).
Publish: Mountain Views News
Dates Pub: Jan. 09, 16, 23, 30, 2016
Mountain Views News 80 W Sierra Madre Blvd. No. 327 Sierra Madre, Ca. 91024 Office: 626.355.2737 Fax: 626.609.3285 Email: editor@mtnviewsnews.com Website: www.mtnviewsnews.com
